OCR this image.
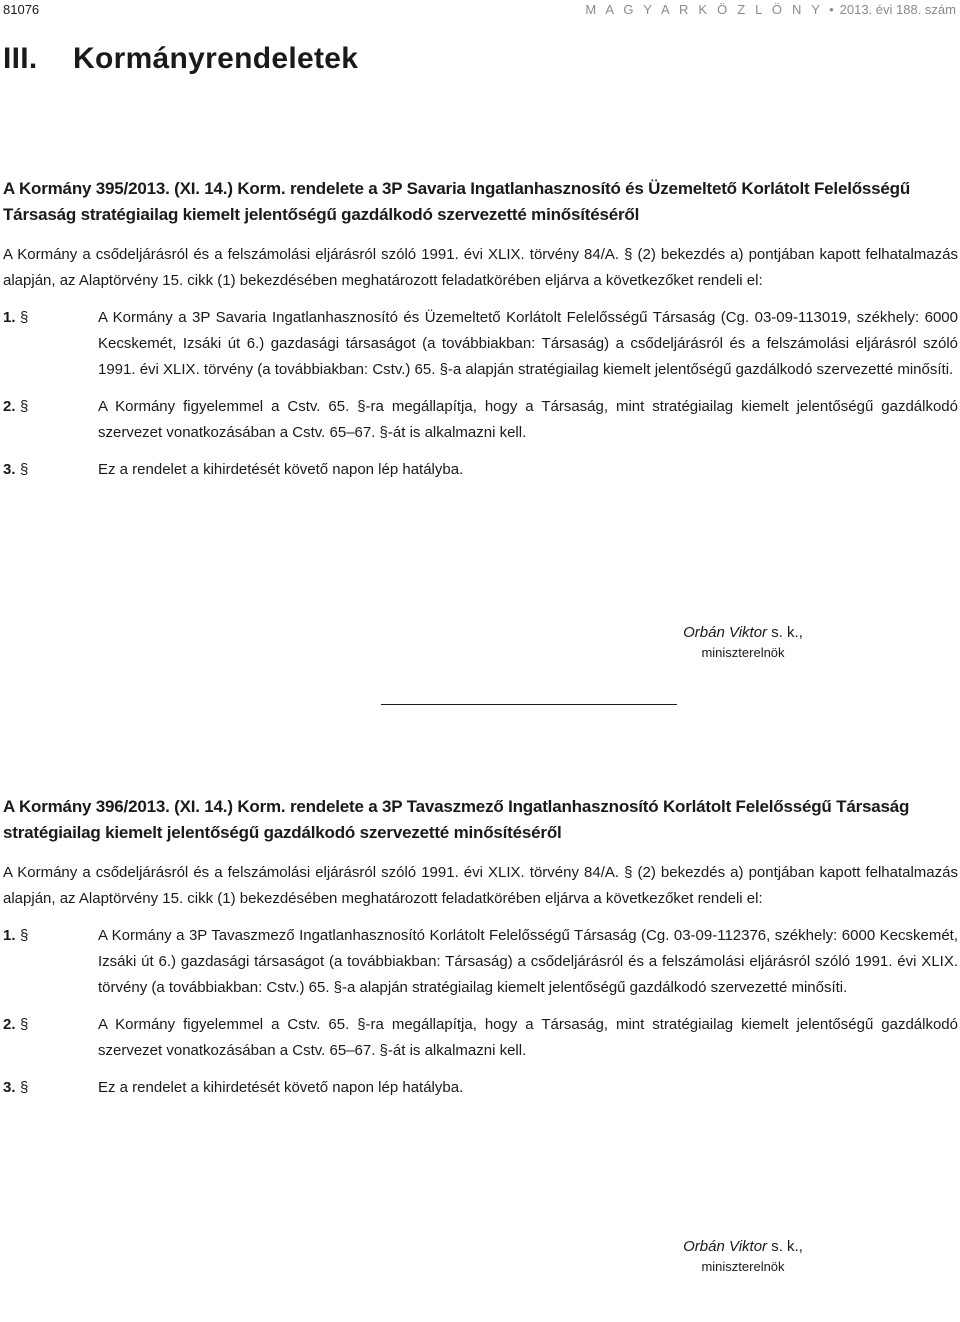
81076	M A G Y A R K Ö Z L Ö N Y • 2013. évi 188. szám
III. Kormányrendeletek
A Kormány 395/2013. (XI. 14.) Korm. rendelete a 3P Savaria Ingatlanhasznosító és Üzemeltető Korlátolt Felelősségű Társaság stratégiailag kiemelt jelentőségű gazdálkodó szervezetté minősítéséről

A Kormány a csődeljárásról és a felszámolási eljárásról szóló 1991. évi XLIX. törvény 84/A. § (2) bekezdés a) pontjában kapott felhatalmazás alapján, az Alaptörvény 15. cikk (1) bekezdésében meghatározott feladatkörében eljárva a következőket rendeli el:

1. §	A Kormány a 3P Savaria Ingatlanhasznosító és Üzemeltető Korlátolt Felelősségű Társaság (Cg. 03-09-113019, székhely: 6000 Kecskemét, Izsáki út 6.) gazdasági társaságot (a továbbiakban: Társaság) a csődeljárásról és a felszámolási eljárásról szóló 1991. évi XLIX. törvény (a továbbiakban: Cstv.) 65. §-a alapján stratégiailag kiemelt jelentőségű gazdálkodó szervezetté minősíti.
2. §	A Kormány figyelemmel a Cstv. 65. §-ra megállapítja, hogy a Társaság, mint stratégiailag kiemelt jelentőségű gazdálkodó szervezet vonatkozásában a Cstv. 65–67. §-át is alkalmazni kell.
3. §	Ez a rendelet a kihirdetését követő napon lép hatályba.
Orbán Viktor s. k.,
miniszterelnök
A Kormány 396/2013. (XI. 14.) Korm. rendelete a 3P Tavaszmező Ingatlanhasznosító Korlátolt Felelősségű Társaság stratégiailag kiemelt jelentőségű gazdálkodó szervezetté minősítéséről

A Kormány a csődeljárásról és a felszámolási eljárásról szóló 1991. évi XLIX. törvény 84/A. § (2) bekezdés a) pontjában kapott felhatalmazás alapján, az Alaptörvény 15. cikk (1) bekezdésében meghatározott feladatkörében eljárva a következőket rendeli el:

1. §	A Kormány a 3P Tavaszmező Ingatlanhasznosító Korlátolt Felelősségű Társaság (Cg. 03-09-112376, székhely: 6000 Kecskemét, Izsáki út 6.) gazdasági társaságot (a továbbiakban: Társaság) a csődeljárásról és a felszámolási eljárásról szóló 1991. évi XLIX. törvény (a továbbiakban: Cstv.) 65. §-a alapján stratégiailag kiemelt jelentőségű gazdálkodó szervezetté minősíti.
2. §	A Kormány figyelemmel a Cstv. 65. §-ra megállapítja, hogy a Társaság, mint stratégiailag kiemelt jelentőségű gazdálkodó szervezet vonatkozásában a Cstv. 65–67. §-át is alkalmazni kell.
3. §	Ez a rendelet a kihirdetését követő napon lép hatályba.
Orbán Viktor s. k.,
miniszterelnök
